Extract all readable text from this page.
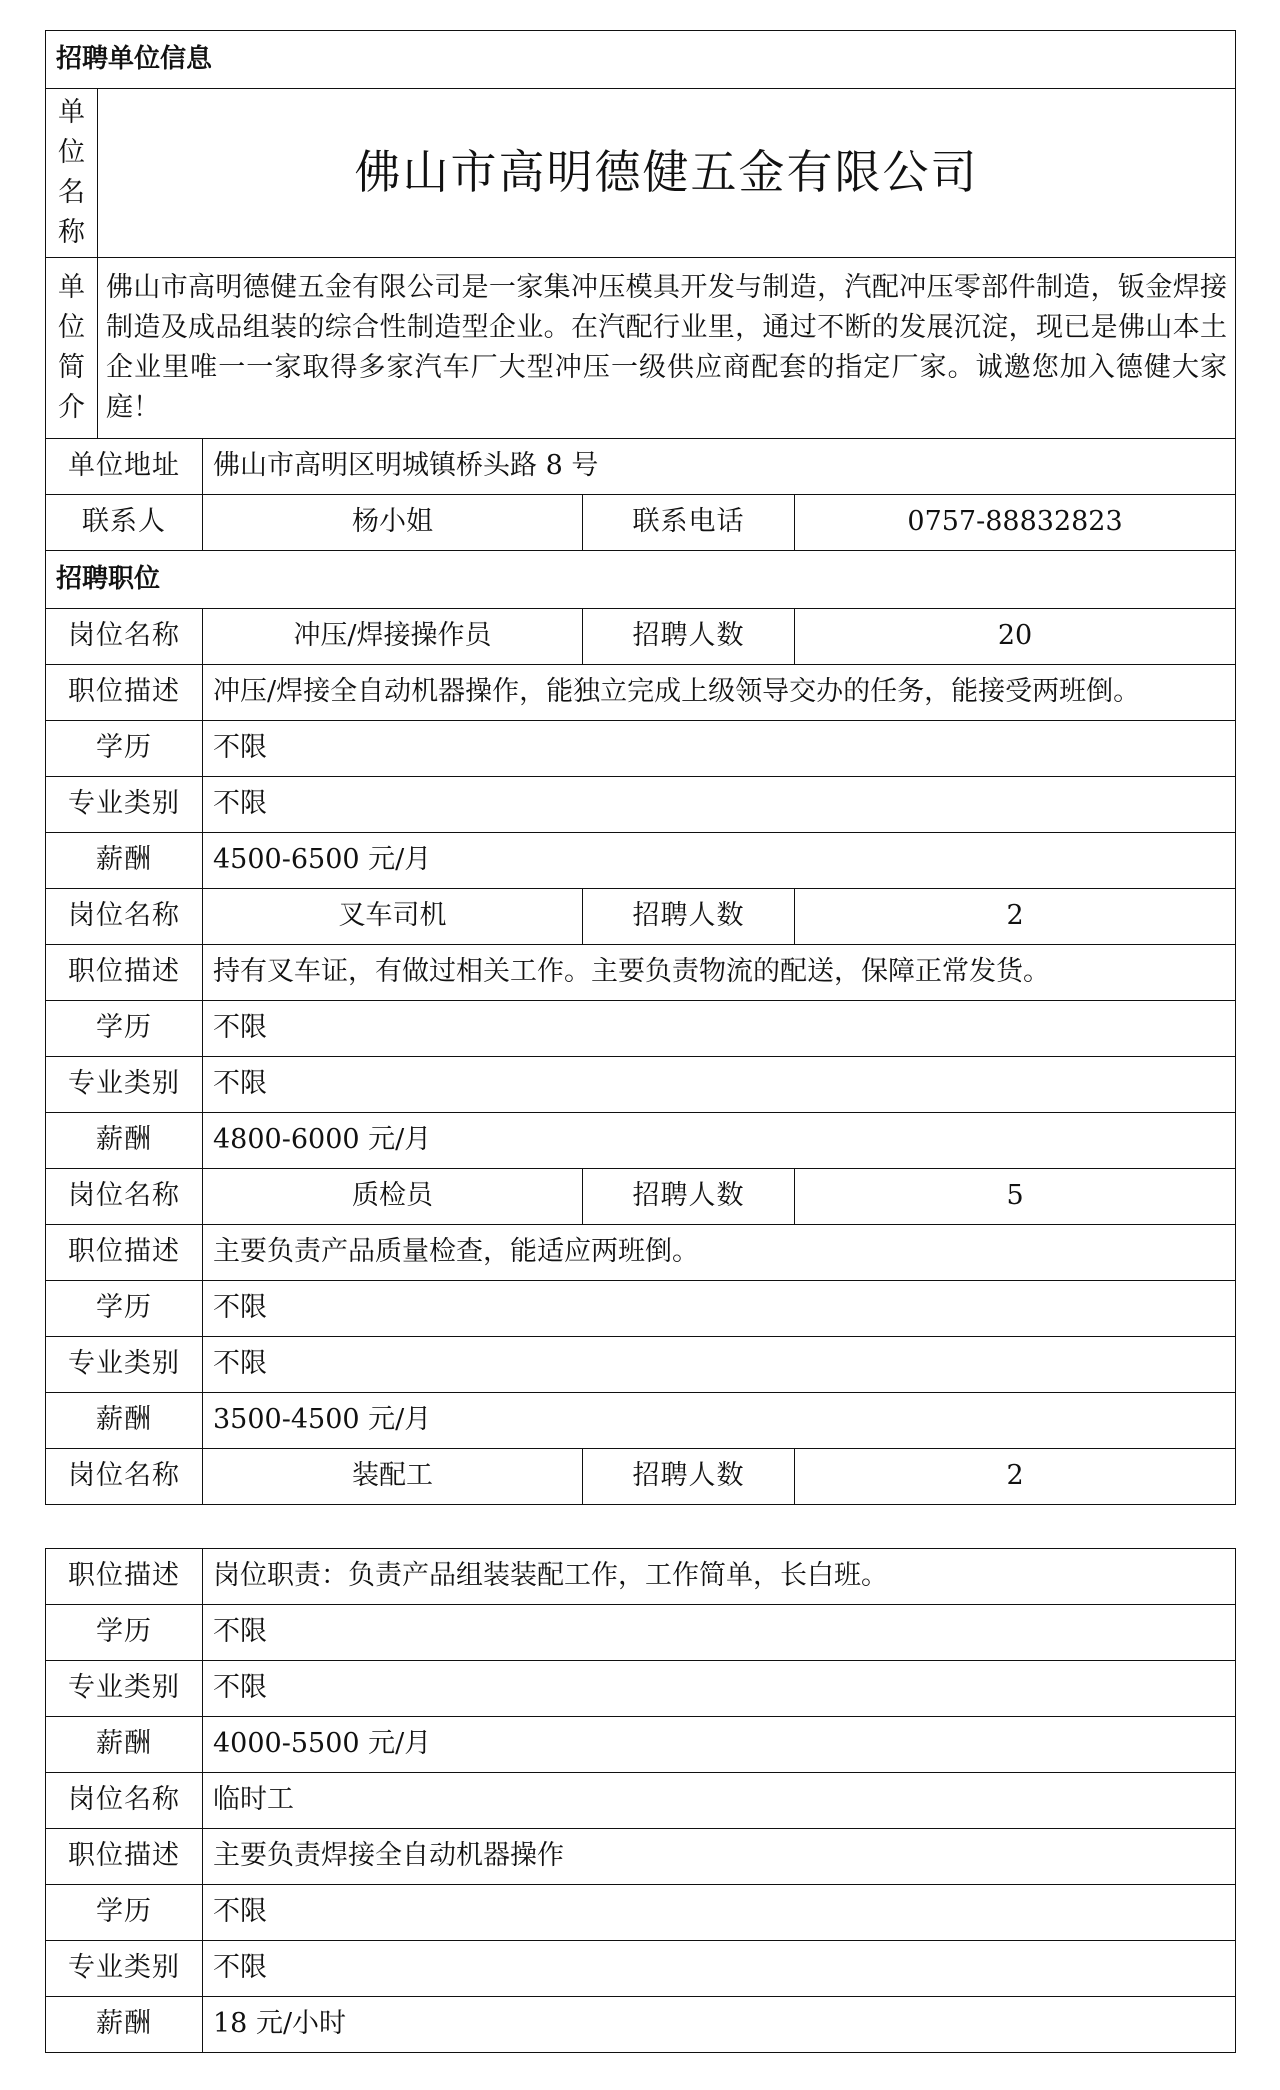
招聘单位信息				

单
位
名
称	佛山市高明德健五金有限公司			

单
位
简
介	佛山市高明德健五金有限公司是一家集冲压模具开发与制造，汽配冲压零部件制造，钣金焊接制造及成品组装的综合性制造型企业。在汽配行业里，通过不断的发展沉淀，现已是佛山本土企业里唯一一家取得多家汽车厂大型冲压一级供应商配套的指定厂家。诚邀您加入德健大家庭！			
单位地址		佛山市高明区明城镇桥头路 8 号		
联系人		杨小姐	联系电话	0757-88832823
招聘职位				
岗位名称		冲压/焊接操作员	招聘人数	20
职位描述		冲压/焊接全自动机器操作，能独立完成上级领导交办的任务，能接受两班倒。		
学历		不限		
专业类别		不限		
薪酬		4500-6500 元/月		
岗位名称		叉车司机	招聘人数	2
职位描述		持有叉车证，有做过相关工作。主要负责物流的配送，保障正常发货。		
学历		不限		
专业类别		不限		
薪酬		4800-6000 元/月		
岗位名称		质检员	招聘人数	5
职位描述		主要负责产品质量检查，能适应两班倒。		
学历		不限		
专业类别		不限		
薪酬		3500-4500 元/月		
岗位名称		装配工	招聘人数	2
职位描述	岗位职责：负责产品组装装配工作，工作简单，长白班。
学历	不限
专业类别	不限
薪酬	4000-5500 元/月
岗位名称	临时工
职位描述	主要负责焊接全自动机器操作
学历	不限
专业类别	不限
薪酬	18 元/小时
